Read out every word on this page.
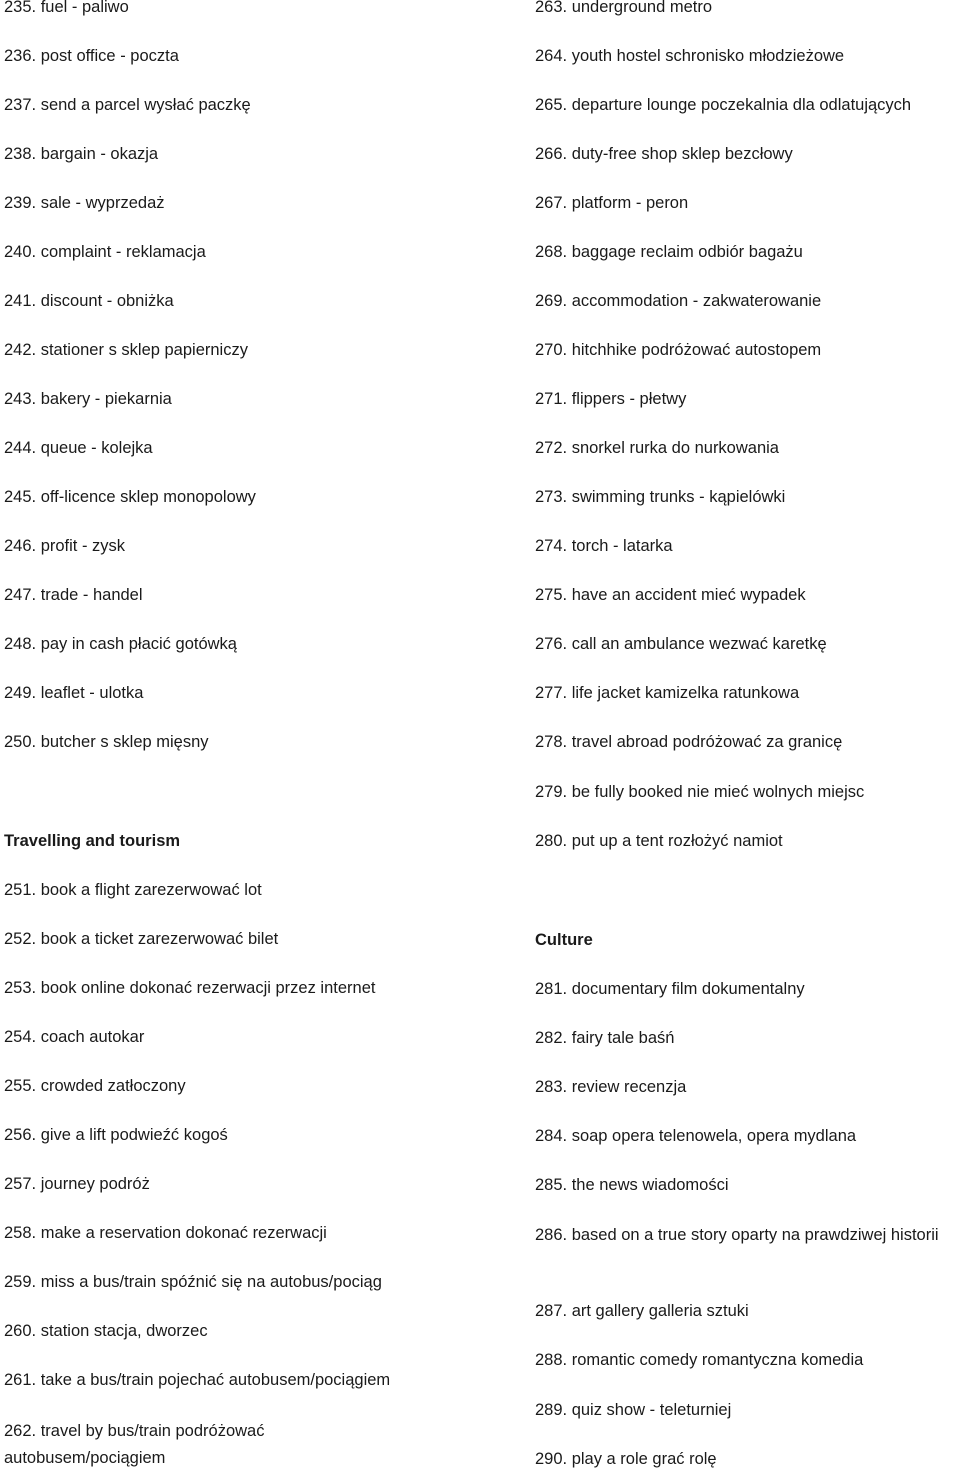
235. fuel - paliwo
236. post office - poczta
237. send a parcel wysłać paczkę
238. bargain - okazja
239. sale - wyprzedaż
240. complaint - reklamacja
241. discount - obniżka
242. stationer s sklep papierniczy
243. bakery - piekarnia
244. queue - kolejka
245. off-licence sklep monopolowy
246. profit - zysk
247. trade - handel
248. pay in cash płacić gotówką
249. leaflet - ulotka
250. butcher s sklep mięsny
Travelling and tourism
251. book a flight zarezerwować lot
252. book a ticket zarezerwować bilet
253. book online dokonać rezerwacji przez internet
254. coach autokar
255. crowded zatłoczony
256. give a lift podwieźć kogoś
257. journey podróż
258. make a reservation dokonać rezerwacji
259. miss a bus/train spóźnić się na autobus/pociąg
260. station stacja, dworzec
261. take a bus/train pojechać autobusem/pociągiem
262. travel by bus/train podróżować autobusem/pociągiem
263. underground metro
264. youth hostel schronisko młodzieżowe
265. departure lounge poczekalnia dla odlatujących
266. duty-free shop sklep bezcłowy
267. platform - peron
268. baggage reclaim odbiór bagażu
269. accommodation - zakwaterowanie
270. hitchhike podróżować autostopem
271. flippers - płetwy
272. snorkel rurka do nurkowania
273. swimming trunks - kąpielówki
274. torch - latarka
275. have an accident mieć wypadek
276. call an ambulance wezwać karetkę
277. life jacket kamizelka ratunkowa
278. travel abroad podróżować za granicę
279. be fully booked nie mieć wolnych miejsc
280. put up a tent rozłożyć namiot
Culture
281. documentary film dokumentalny
282. fairy tale baśń
283. review recenzja
284. soap opera telenowela, opera mydlana
285. the news wiadomości
286. based on a true story oparty na prawdziwej historii
287. art gallery galleria sztuki
288. romantic comedy romantyczna komedia
289. quiz show - teleturniej
290. play a role grać rolę
